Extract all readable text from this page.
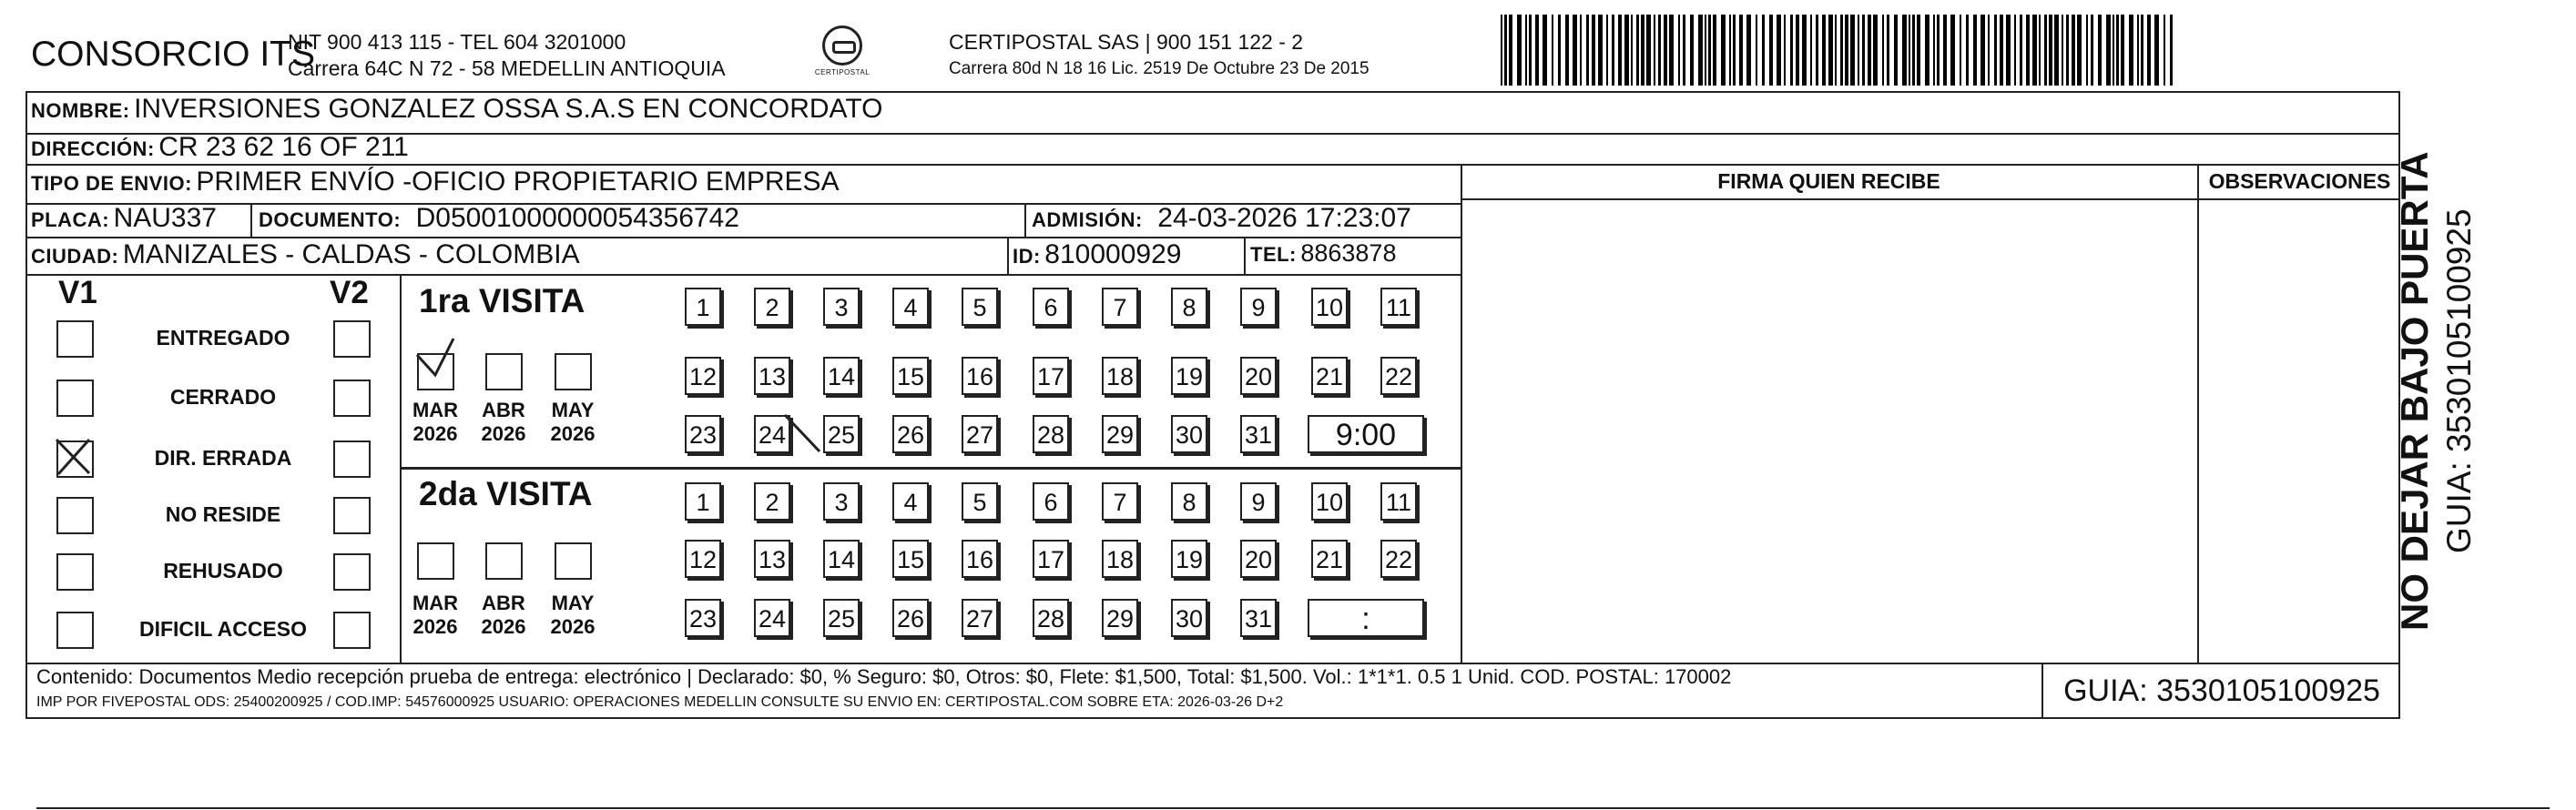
CONSORCIO ITS
NIT 900 413 115 - TEL 604 3201000
Carrera 64C N 72 - 58 MEDELLIN ANTIOQUIA	CERTIPOSTAL
CERTIPOSTAL SAS | 900 151 122 - 2
Carrera 80d N 18 16 Lic. 2519 De Octubre 23 De 2015
NOMBRE: INVERSIONES GONZALEZ OSSA S.A.S EN CONCORDATO
DIRECCIÓN: CR 23 62 16 OF 211
TIPO DE ENVIO: PRIMER ENVÍO -OFICIO PROPIETARIO EMPRESA
PLACA: NAU337 DOCUMENTO: D05001000000054356742	ADMISIÓN: 24-03-2026 17:23:07
CIUDAD: MANIZALES - CALDAS - COLOMBIA	ID: 810000929	TEL: 8863878
FIRMA QUIEN RECIBE	OBSERVACIONES
V1	V2
ENTREGADO
CERRADO
DIR. ERRADA
NO RESIDE
REHUSADO
DIFICIL ACCESO
1ra VISITA
2da VISITA
MAR
2026
ABR
2026
MAY
2026
1	2	3	4	5	6	7	8	9	10 11
12 13 14 15 16 17 18 19 20 21 22
23 24 25 26 27 28 29 30 31	9:00
MAR
2026
ABR
2026
MAY
2026
1	2	3	4	5	6	7	8	9	10 11
12 13 14 15 16 17 18 19 20 21 22
23 24 25 26 27 28 29 30 31	:
Contenido: Documentos Medio recepción prueba de entrega: electrónico | Declarado: $0, % Seguro: $0, Otros: $0, Flete: $1,500, Total: $1,500. Vol.: 1*1*1. 0.5 1 Unid. COD. POSTAL: 170002
IMP POR FIVEPOSTAL ODS: 25400200925 / COD.IMP: 54576000925 USUARIO: OPERACIONES MEDELLIN CONSULTE SU ENVIO EN: CERTIPOSTAL.COM SOBRE ETA: 2026-03-26 D+2	GUIA: 3530105100925
NO DEJAR BAJO PUERTA GUIA: 3530105100925
